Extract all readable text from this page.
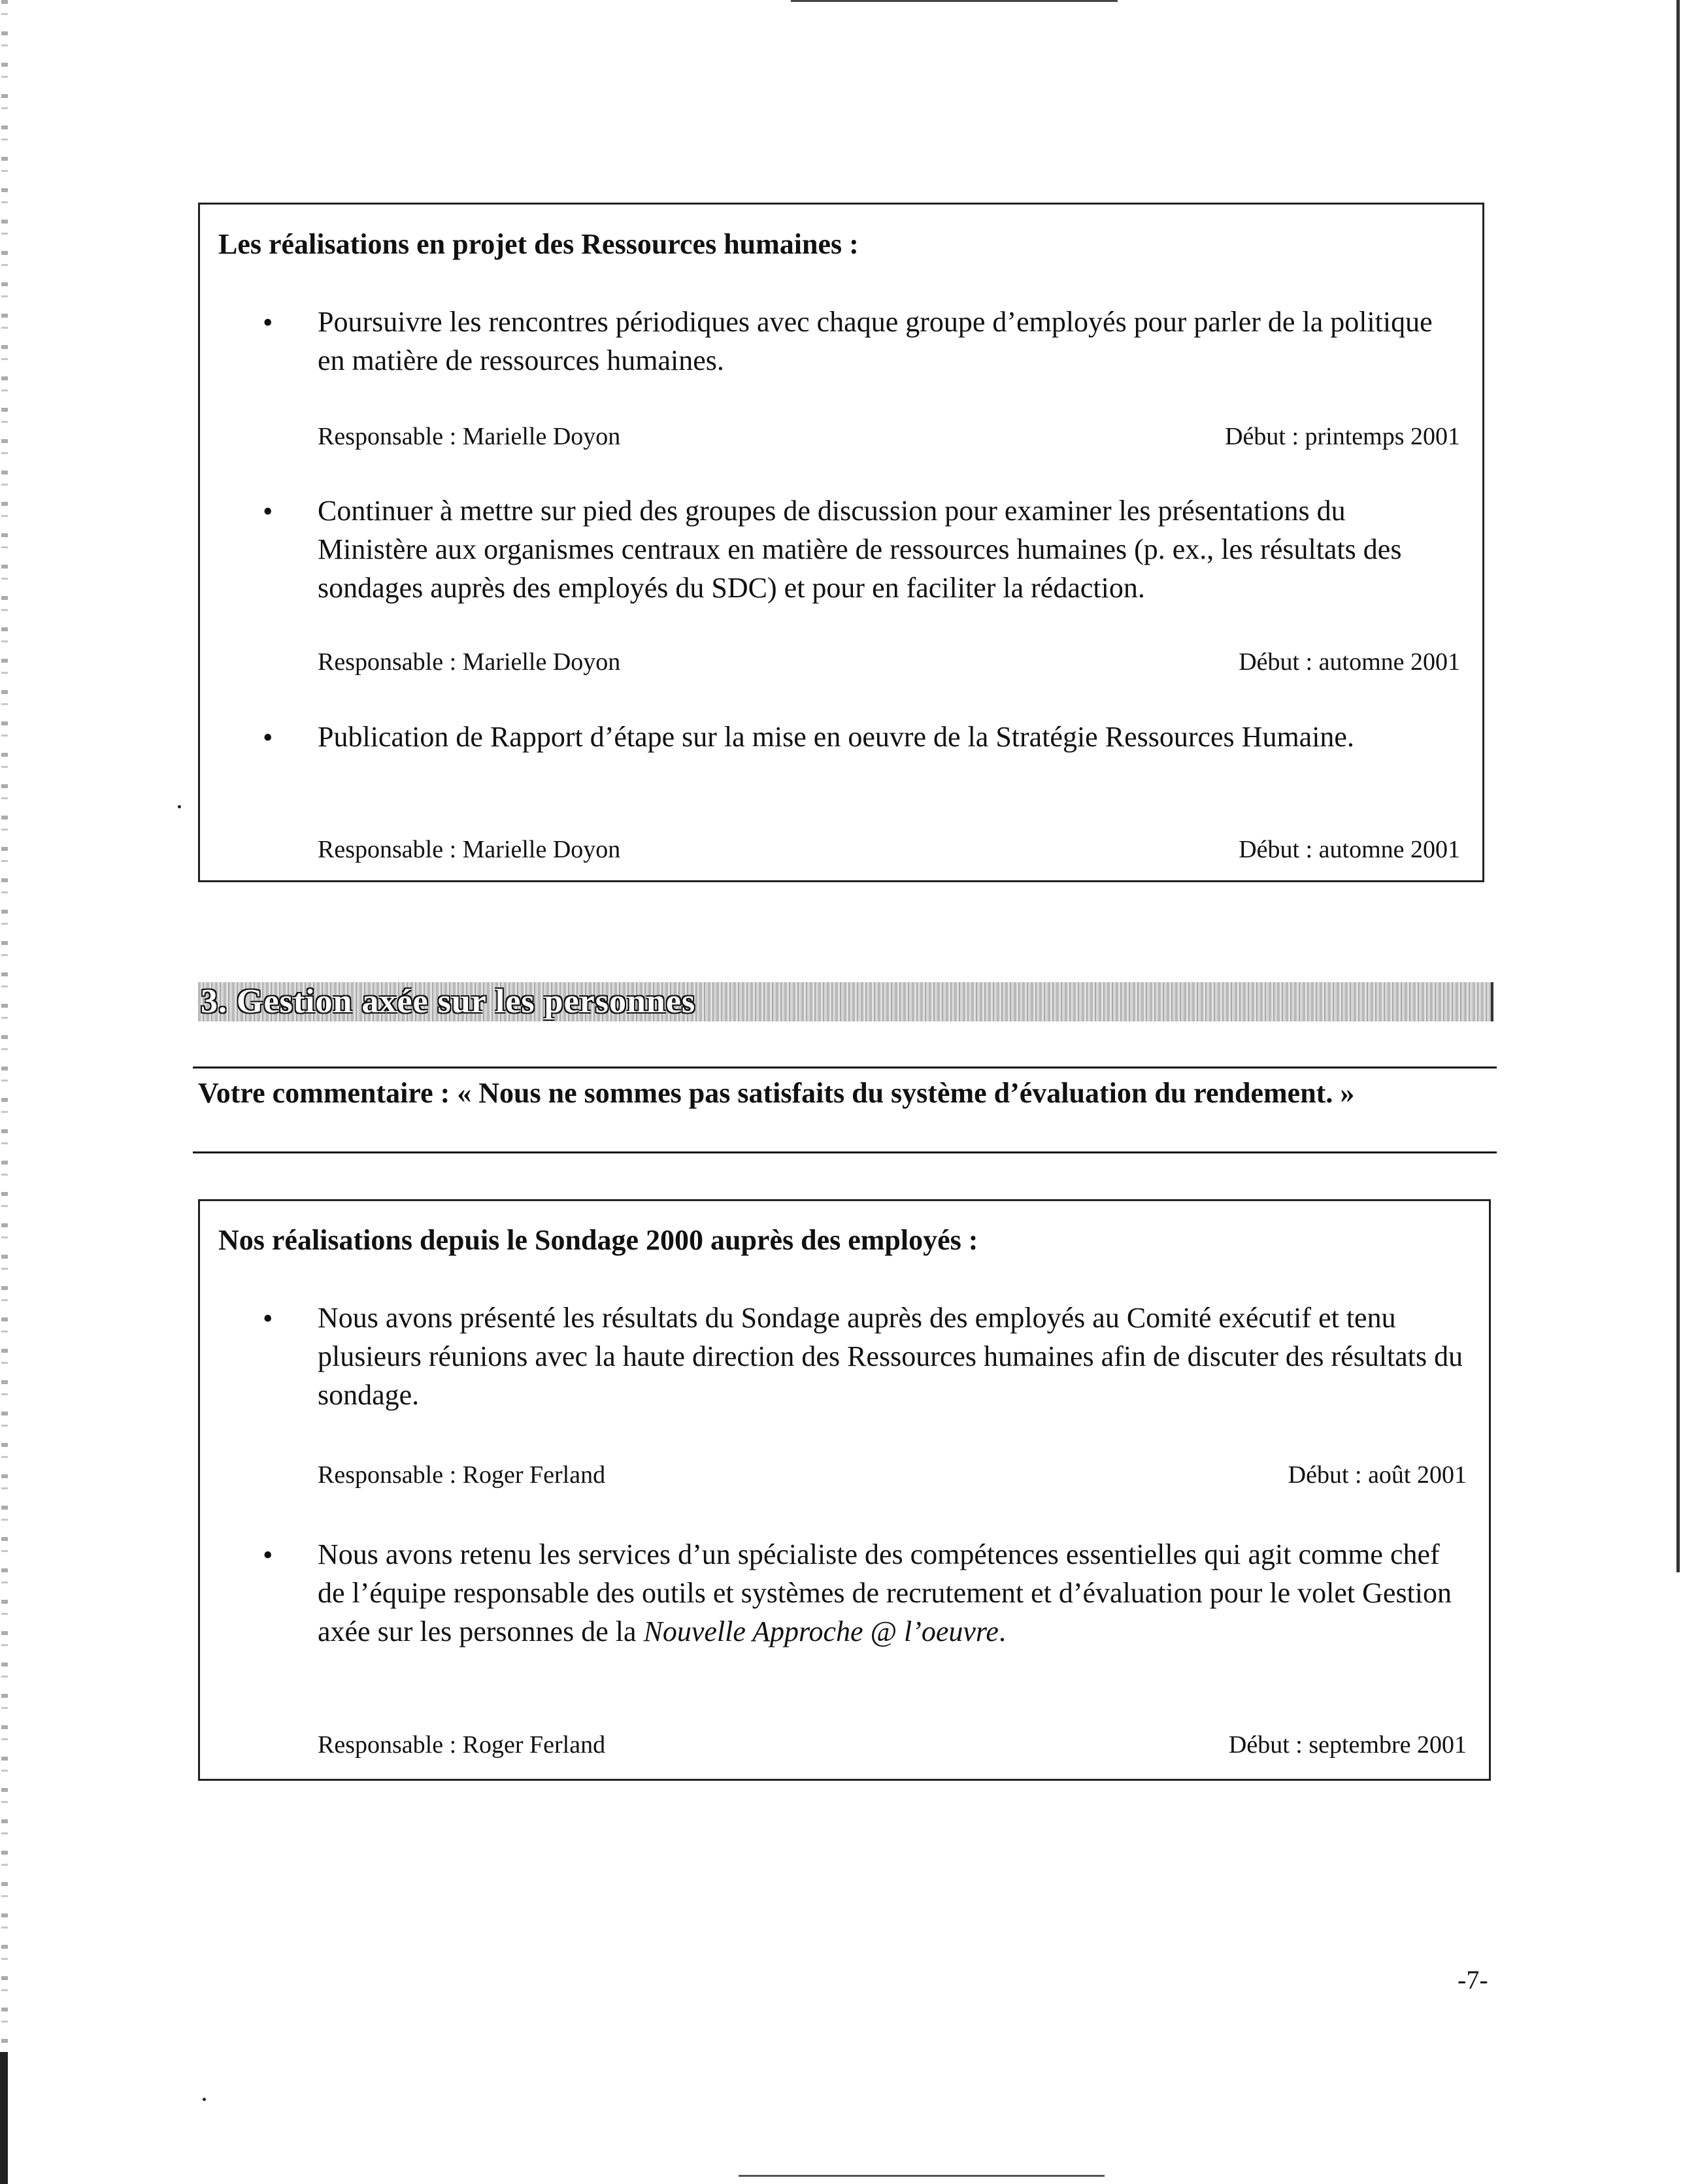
Les réalisations en projet des Ressources humaines :
• Poursuivre les rencontres périodiques avec chaque groupe d’employés pour parler de la politique en matière de ressources humaines.
Responsable : Marielle Doyon	Début : printemps 2001
• Continuer à mettre sur pied des groupes de discussion pour examiner les présentations du Ministère aux organismes centraux en matière de ressources humaines (p. ex., les résultats des sondages auprès des employés du SDC) et pour en faciliter la rédaction.
Responsable : Marielle Doyon	Début : automne 2001
• Publication de Rapport d’étape sur la mise en oeuvre de la Stratégie Ressources Humaine.
Responsable : Marielle Doyon	Début : automne 2001
3. Gestion axée sur les personnes
Votre commentaire : « Nous ne sommes pas satisfaits du système d’évaluation du rendement. »
Nos réalisations depuis le Sondage 2000 auprès des employés :
• Nous avons présenté les résultats du Sondage auprès des employés au Comité exécutif et tenu plusieurs réunions avec la haute direction des Ressources humaines afin de discuter des résultats du sondage.
Responsable : Roger Ferland	Début : août 2001
• Nous avons retenu les services d’un spécialiste des compétences essentielles qui agit comme chef de l’équipe responsable des outils et systèmes de recrutement et d’évaluation pour le volet Gestion axée sur les personnes de la Nouvelle Approche @ l’oeuvre.
Responsable : Roger Ferland	Début : septembre 2001
-7-
